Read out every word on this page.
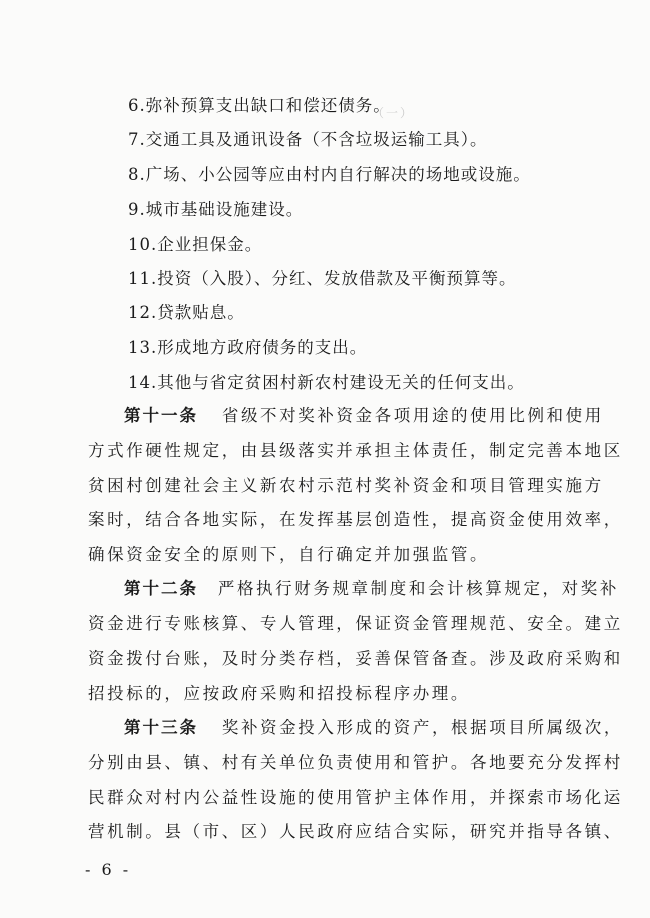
（一）　　　　　　　　　　　　　　　

6.弥补预算支出缺口和偿还债务。
7.交通工具及通讯设备（不含垃圾运输工具）。
8.广场、小公园等应由村内自行解决的场地或设施。
9.城市基础设施建设。
10.企业担保金。
11.投资（入股）、分红、发放借款及平衡预算等。
12.贷款贴息。
13.形成地方政府债务的支出。
14.其他与省定贫困村新农村建设无关的任何支出。
第十一条 省级不对奖补资金各项用途的使用比例和使用
方式作硬性规定，由县级落实并承担主体责任，制定完善本地区
贫困村创建社会主义新农村示范村奖补资金和项目管理实施方
案时，结合各地实际，在发挥基层创造性，提高资金使用效率，
确保资金安全的原则下，自行确定并加强监管。
第十二条 严格执行财务规章制度和会计核算规定，对奖补
资金进行专账核算、专人管理，保证资金管理规范、安全。建立
资金拨付台账，及时分类存档，妥善保管备查。涉及政府采购和
招投标的，应按政府采购和招投标程序办理。
第十三条 奖补资金投入形成的资产，根据项目所属级次，
分别由县、镇、村有关单位负责使用和管护。各地要充分发挥村
民群众对村内公益性设施的使用管护主体作用，并探索市场化运
营机制。县（市、区）人民政府应结合实际，研究并指导各镇、
- 6 -
